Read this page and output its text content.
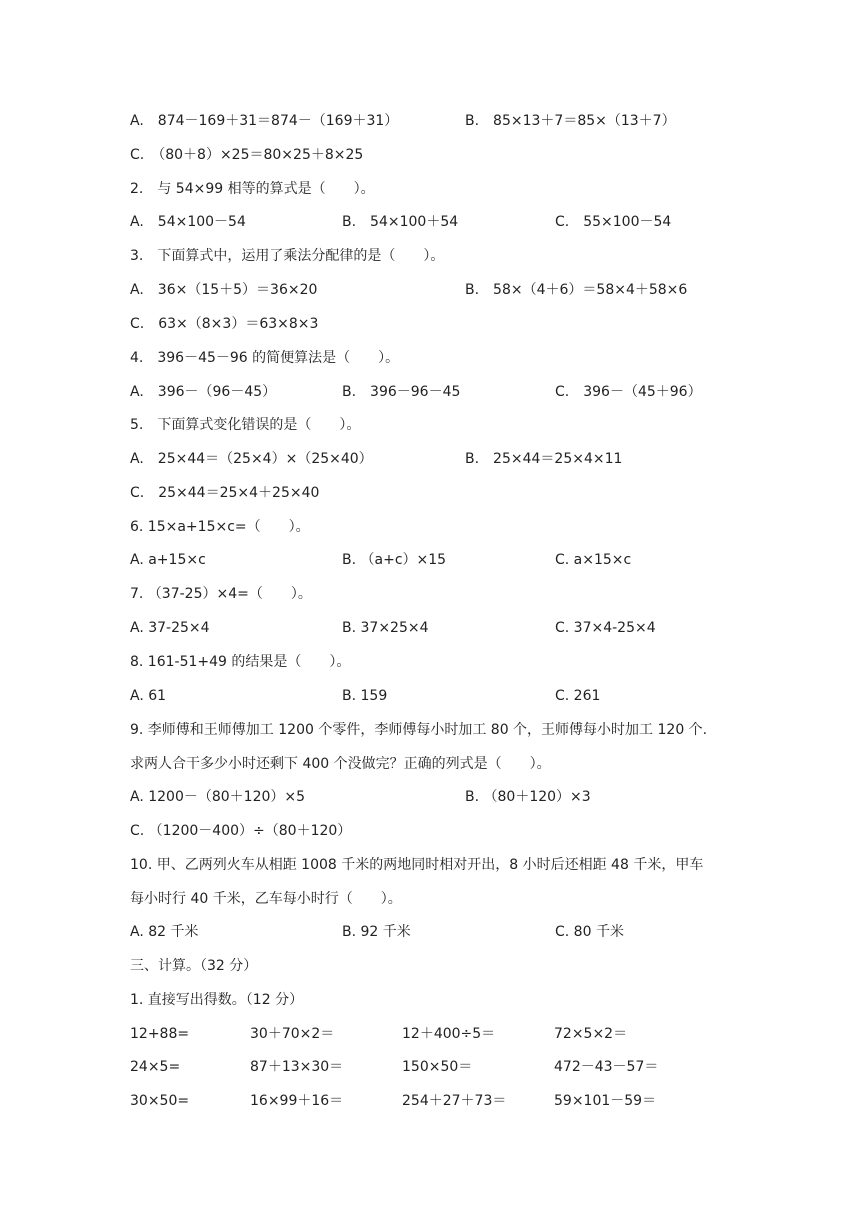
A.　874－169＋31＝874－（169＋31）	B.　85×13＋7＝85×（13＋7）
C.　（80＋8）×25＝80×25＋8×25
2.　与 54×99 相等的算式是（　　）。
A.　54×100－54	B.　54×100＋54	C.　55×100－54
3.　下面算式中，运用了乘法分配律的是（　　）。
A.　36×（15＋5）＝36×20	B.　58×（4＋6）＝58×4＋58×6
C.　63×（8×3）＝63×8×3
4.　396－45－96 的简便算法是（　　）。
A.　396－（96－45）	B.　396－96－45	C.　396－（45＋96）
5.　下面算式变化错误的是（　　）。
A.　25×44＝（25×4）×（25×40）	B.　25×44＝25×4×11
C.　25×44＝25×4＋25×40
6. 15×a+15×c=（　　）。
A. a+15×c	B. （a+c）×15	C. a×15×c
7. （37-25）×4=（　　）。
A. 37-25×4	B. 37×25×4	C. 37×4-25×4
8. 161-51+49 的结果是（　　）。
A. 61	B. 159	C. 261
9. 李师傅和王师傅加工 1200 个零件，李师傅每小时加工 80 个，王师傅每小时加工 120 个.
求两人合干多少小时还剩下 400 个没做完？正确的列式是（　　）。
A. 1200－（80＋120）×5	B. （80＋120）×3
C. （1200－400）÷（80＋120）
10. 甲、乙两列火车从相距 1008 千米的两地同时相对开出，8 小时后还相距 48 千米，甲车
每小时行 40 千米，乙车每小时行（　　）。
A. 82 千米	B. 92 千米	C. 80 千米
三、计算。（32 分）
1. 直接写出得数。（12 分）
12+88=	30＋70×2＝	12＋400÷5＝	72×5×2＝
24×5=	87＋13×30＝	150×50＝	472－43－57＝
30×50=	16×99＋16＝	254＋27＋73＝	59×101－59＝
